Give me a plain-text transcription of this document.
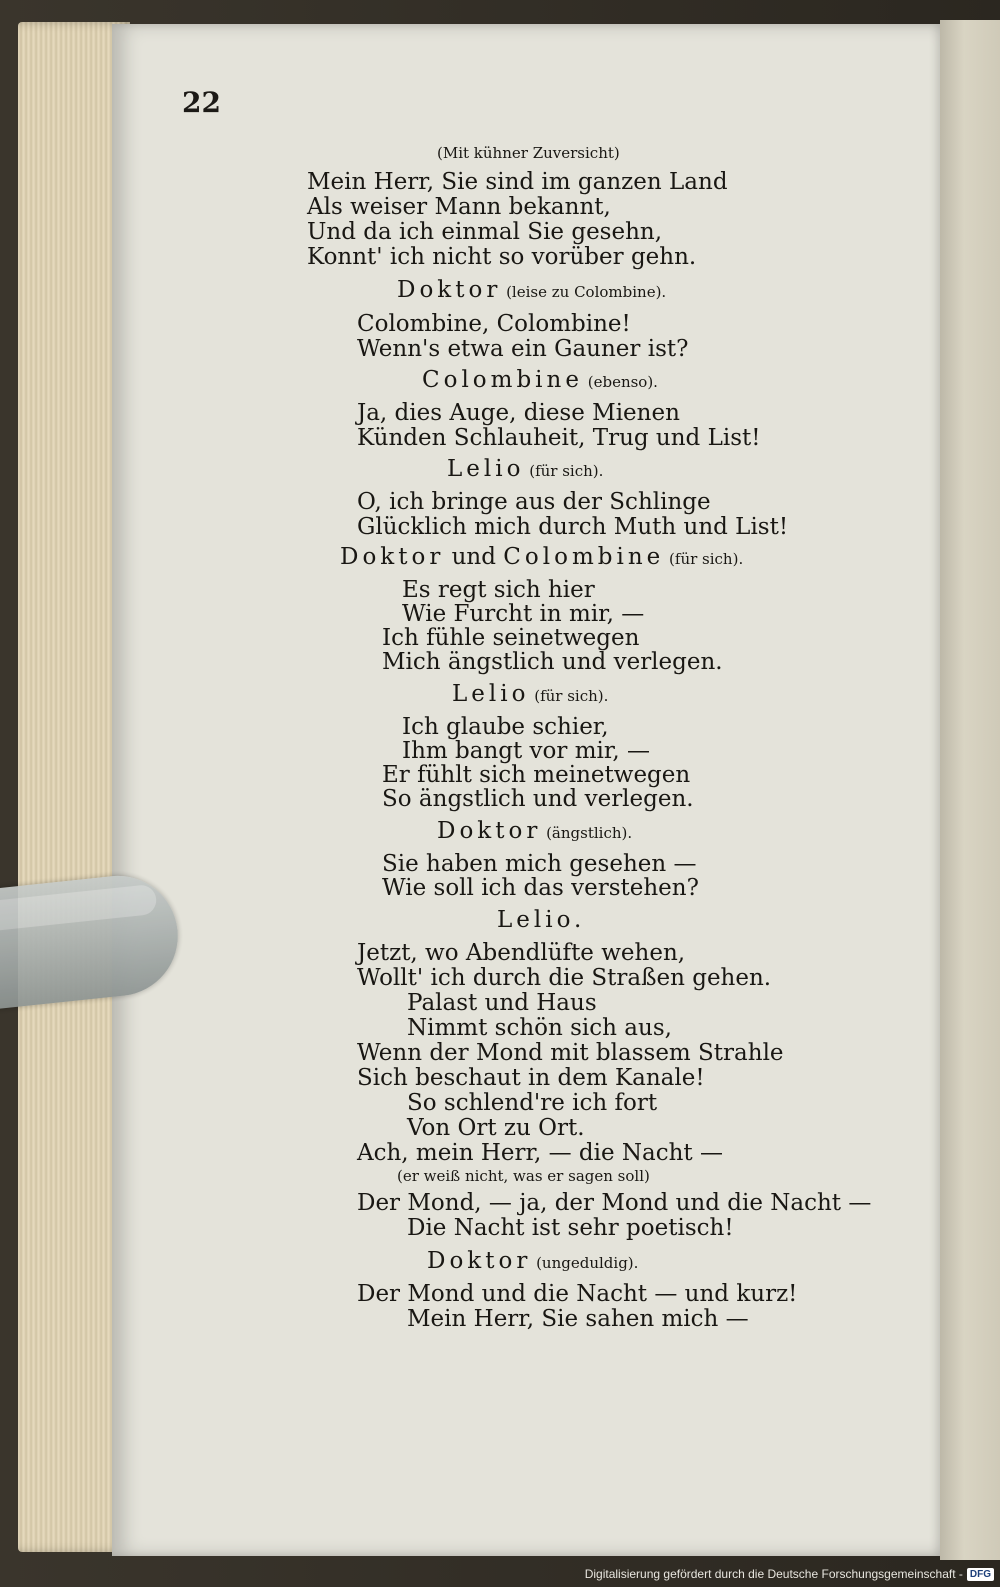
22
(Mit kühner Zuversicht)
Mein Herr, Sie sind im ganzen Land
Als weiser Mann bekannt,
Und da ich einmal Sie gesehn,
Konnt' ich nicht so vorüber gehn.
Doktor (leise zu Colombine).
Colombine, Colombine!
Wenn's etwa ein Gauner ist?
Colombine (ebenso).
Ja, dies Auge, diese Mienen
Künden Schlauheit, Trug und List!
Lelio (für sich).
O, ich bringe aus der Schlinge
Glücklich mich durch Muth und List!
Doktor und Colombine (für sich).
Es regt sich hier
Wie Furcht in mir, —
Ich fühle seinetwegen
Mich ängstlich und verlegen.
Lelio (für sich).
Ich glaube schier,
Ihm bangt vor mir, —
Er fühlt sich meinetwegen
So ängstlich und verlegen.
Doktor (ängstlich).
Sie haben mich gesehen —
Wie soll ich das verstehen?
Lelio.
Jetzt, wo Abendlüfte wehen,
Wollt' ich durch die Straßen gehen.
Palast und Haus
Nimmt schön sich aus,
Wenn der Mond mit blassem Strahle
Sich beschaut in dem Kanale!
So schlend're ich fort
Von Ort zu Ort.
Ach, mein Herr, — die Nacht —
(er weiß nicht, was er sagen soll)
Der Mond, — ja, der Mond und die Nacht —
Die Nacht ist sehr poetisch!
Doktor (ungeduldig).
Der Mond und die Nacht — und kurz!
Mein Herr, Sie sahen mich —
Digitalisierung gefördert durch die Deutsche Forschungsgemeinschaft - DFG
